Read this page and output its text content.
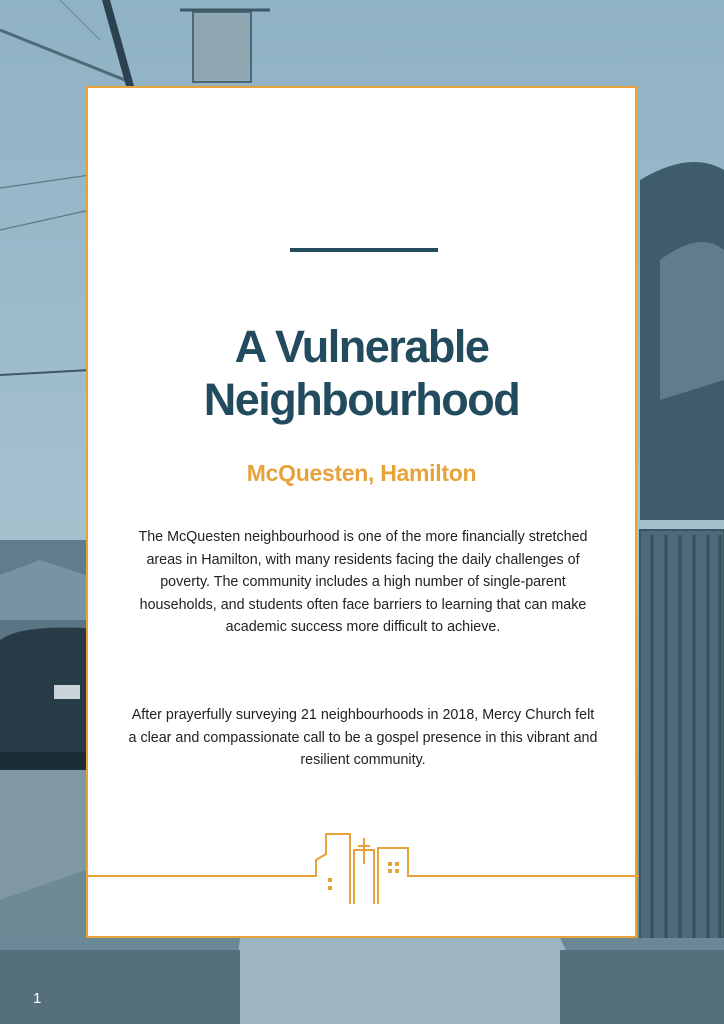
A Vulnerable
Neighbourhood
McQuesten, Hamilton
The McQuesten neighbourhood is one of the more financially stretched areas in Hamilton, with many residents facing the daily challenges of poverty. The community includes a high number of single-parent households, and students often face barriers to learning that can make academic success more difficult to achieve.
After prayerfully surveying 21 neighbourhoods in 2018, Mercy Church felt a clear and compassionate call to be a gospel presence in this vibrant and resilient community.
1
